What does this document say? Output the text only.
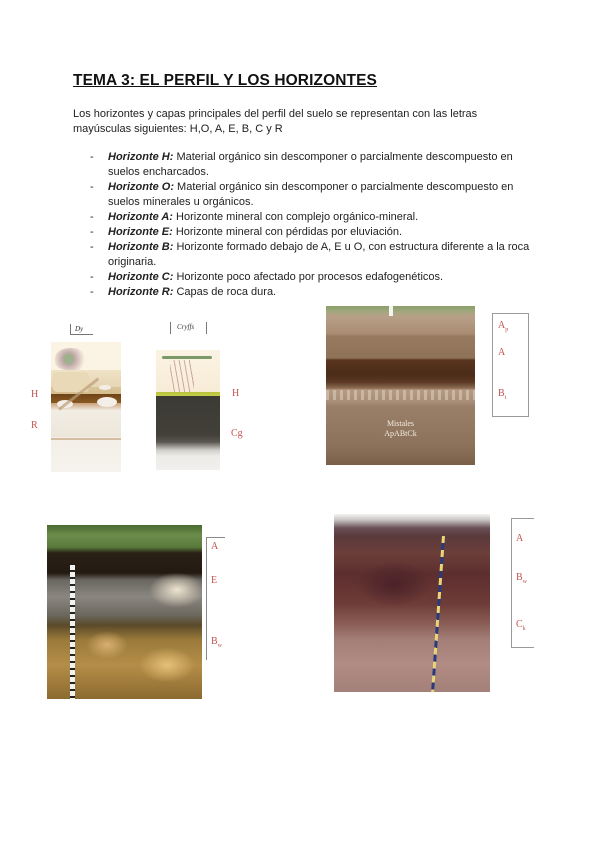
TEMA 3: EL PERFIL Y LOS HORIZONTES

Los horizontes y capas principales del perfil del suelo se representan con las letras mayúsculas siguientes: H,O, A, E, B, C y R

- Horizonte H: Material orgánico sin descomponer o parcialmente descompuesto en suelos encharcados.
- Horizonte O: Material orgánico sin descomponer o parcialmente descompuesto en suelos minerales u orgánicos.
- Horizonte A: Horizonte mineral con complejo orgánico-mineral.
- Horizonte E: Horizonte mineral con pérdidas por eluviación.
- Horizonte B: Horizonte formado debajo de A, E u O, con estructura diferente a la roca originaria.
- Horizonte C: Horizonte poco afectado por procesos edafogenéticos.
- Horizonte R: Capas de roca dura.
Dy
H
R
Cryffs
H
Cg
Mistales
ApABtCk
$A_p$
A
$B_t$
A
E
$B_w$
A
$B_w$
$C_k$
